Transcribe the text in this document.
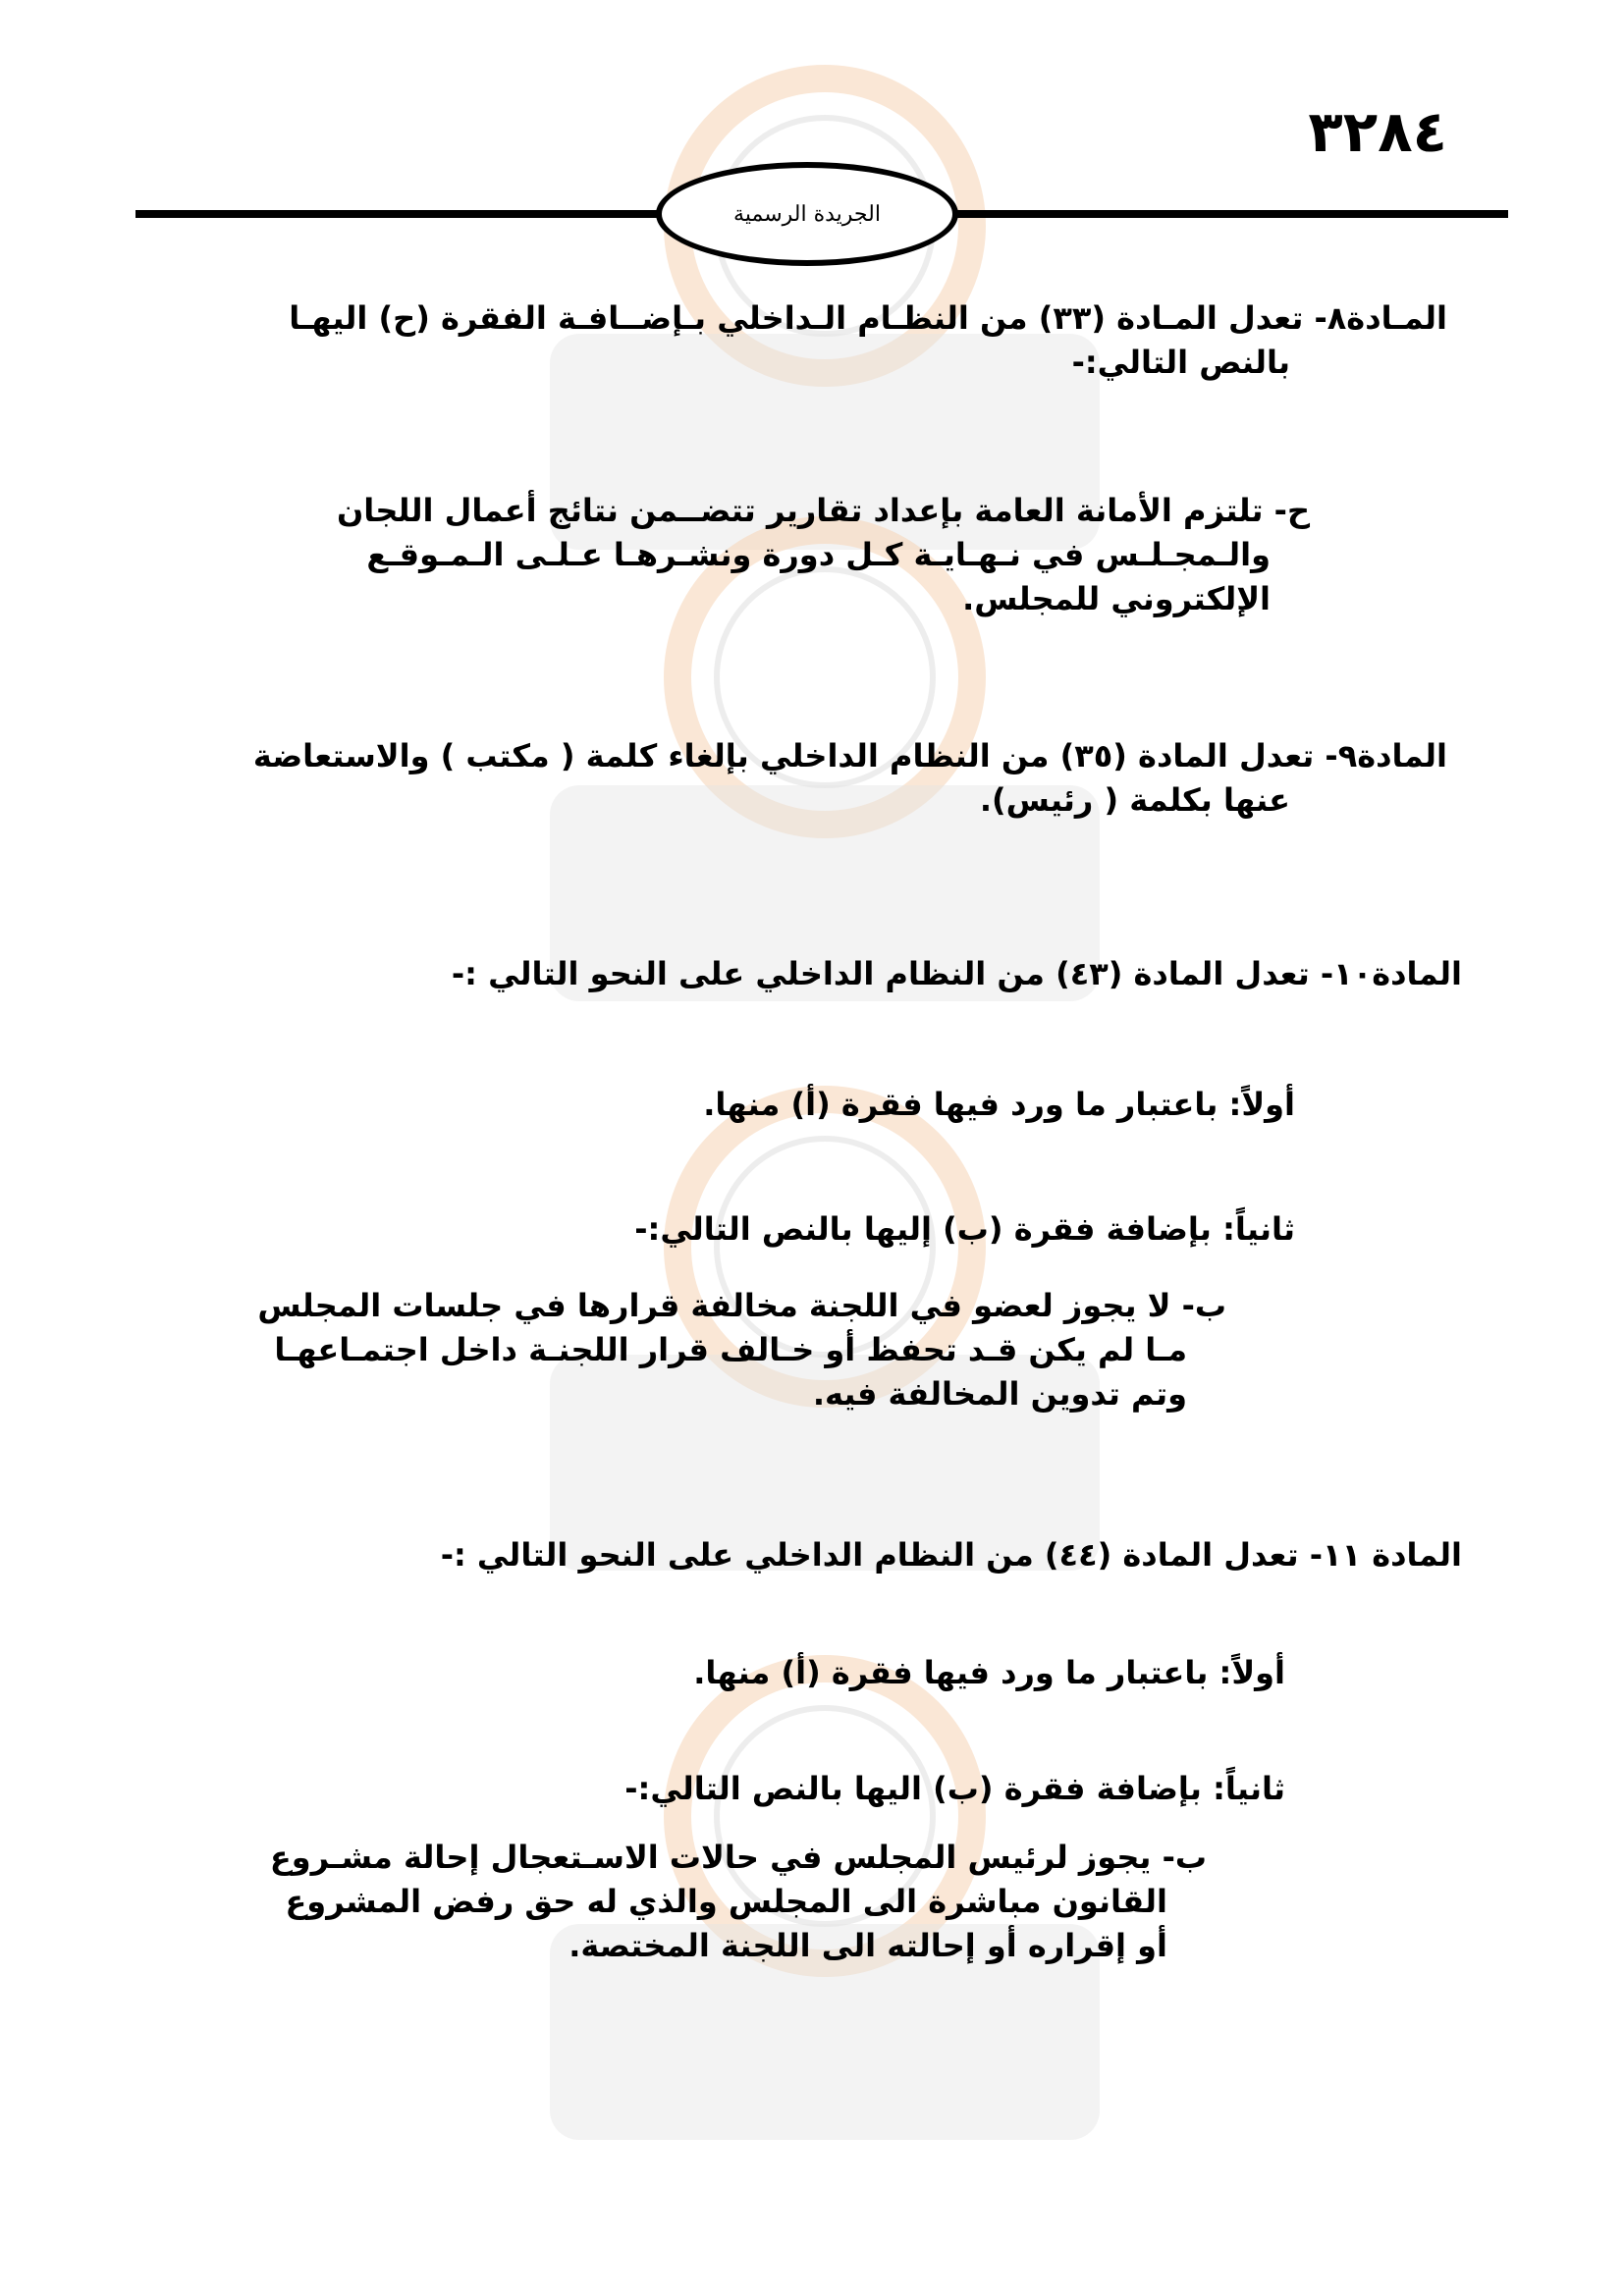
٣٢٨٤
الجريدة الرسمية
المـادة٨- تعدل المـادة (٣٣) من النظـام الـداخلي بـإضــافـة الفقرة (ح) اليهـا
بالنص التالي:-
ح- تلتزم الأمانة العامة بإعداد تقارير تتضــمن نتائج أعمال اللجان
والـمجـلـس في نـهـايـة كـل دورة ونشـرهـا عـلـى الـمـوقـع
الإلكتروني للمجلس.
المادة٩- تعدل المادة (٣٥) من النظام الداخلي بإلغاء كلمة ( مكتب ) والاستعاضة
عنها بكلمة ( رئيس).
المادة١٠- تعدل المادة (٤٣) من النظام الداخلي على النحو التالي :-
أولاً: باعتبار ما ورد فيها فقرة (أ) منها.
ثانياً: بإضافة فقرة (ب) إليها بالنص التالي:-
ب- لا يجوز لعضو في اللجنة مخالفة قرارها في جلسات المجلس
مـا لم يكن قـد تحفظ أو خـالف قرار اللجنـة داخل اجتمـاعهـا
وتم تدوين المخالفة فيه.
المادة ١١- تعدل المادة (٤٤) من النظام الداخلي على النحو التالي :-
أولاً: باعتبار ما ورد فيها فقرة (أ) منها.
ثانياً: بإضافة فقرة (ب) اليها بالنص التالي:-
ب- يجوز لرئيس المجلس في حالات الاسـتعجال إحالة مشـروع
القانون مباشرة الى المجلس والذي له حق رفض المشروع
أو إقراره أو إحالته الى اللجنة المختصة.
